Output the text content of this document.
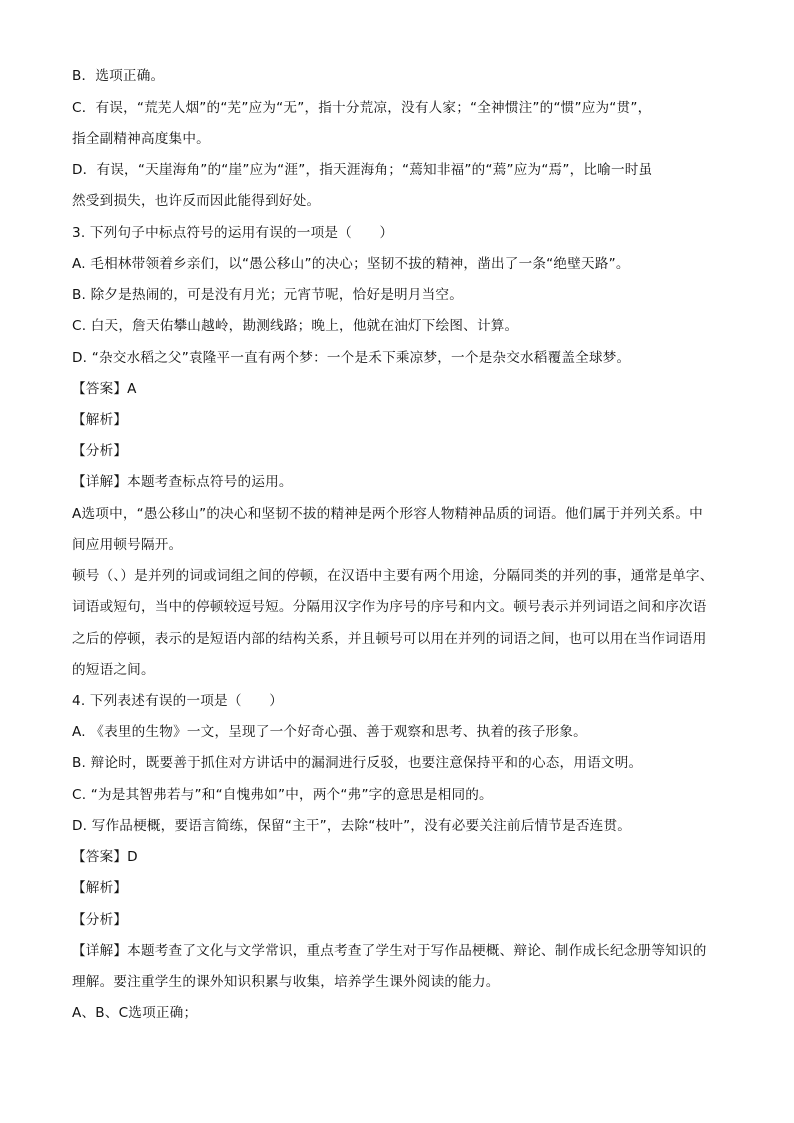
B．选项正确。
C．有误，“荒芜人烟”的“芜”应为“无”，指十分荒凉，没有人家；“全神惯注”的“惯”应为“贯”，
指全副精神高度集中。
D．有误，“天崖海角”的“崖”应为“涯”，指天涯海角；“蔫知非福”的“蔫”应为“焉”，比喻一时虽
然受到损失，也许反而因此能得到好处。
3. 下列句子中标点符号的运用有误的一项是（　　）
A. 毛相林带领着乡亲们，以“愚公移山”的决心；坚韧不拔的精神，凿出了一条“绝壁天路”。
B. 除夕是热闹的，可是没有月光；元宵节呢，恰好是明月当空。
C. 白天，詹天佑攀山越岭，勘测线路；晚上，他就在油灯下绘图、计算。
D. “杂交水稻之父”袁隆平一直有两个梦：一个是禾下乘凉梦，一个是杂交水稻覆盖全球梦。
【答案】A
【解析】
【分析】
【详解】本题考查标点符号的运用。
A选项中，“愚公移山”的决心和坚韧不拔的精神是两个形容人物精神品质的词语。他们属于并列关系。中
间应用顿号隔开。
顿号（、）是并列的词或词组之间的停顿，在汉语中主要有两个用途，分隔同类的并列的事，通常是单字、
词语或短句，当中的停顿较逗号短。分隔用汉字作为序号的序号和内文。顿号表示并列词语之间和序次语
之后的停顿，表示的是短语内部的结构关系，并且顿号可以用在并列的词语之间，也可以用在当作词语用
的短语之间。
4. 下列表述有误的一项是（　　）
A. 《表里的生物》一文，呈现了一个好奇心强、善于观察和思考、执着的孩子形象。
B. 辩论时，既要善于抓住对方讲话中的漏洞进行反驳，也要注意保持平和的心态，用语文明。
C. “为是其智弗若与”和“自愧弗如”中，两个“弗”字的意思是相同的。
D. 写作品梗概，要语言简练，保留“主干”，去除“枝叶”，没有必要关注前后情节是否连贯。
【答案】D
【解析】
【分析】
【详解】本题考查了文化与文学常识，重点考查了学生对于写作品梗概、辩论、制作成长纪念册等知识的
理解。要注重学生的课外知识积累与收集，培养学生课外阅读的能力。
A、B、C选项正确；
